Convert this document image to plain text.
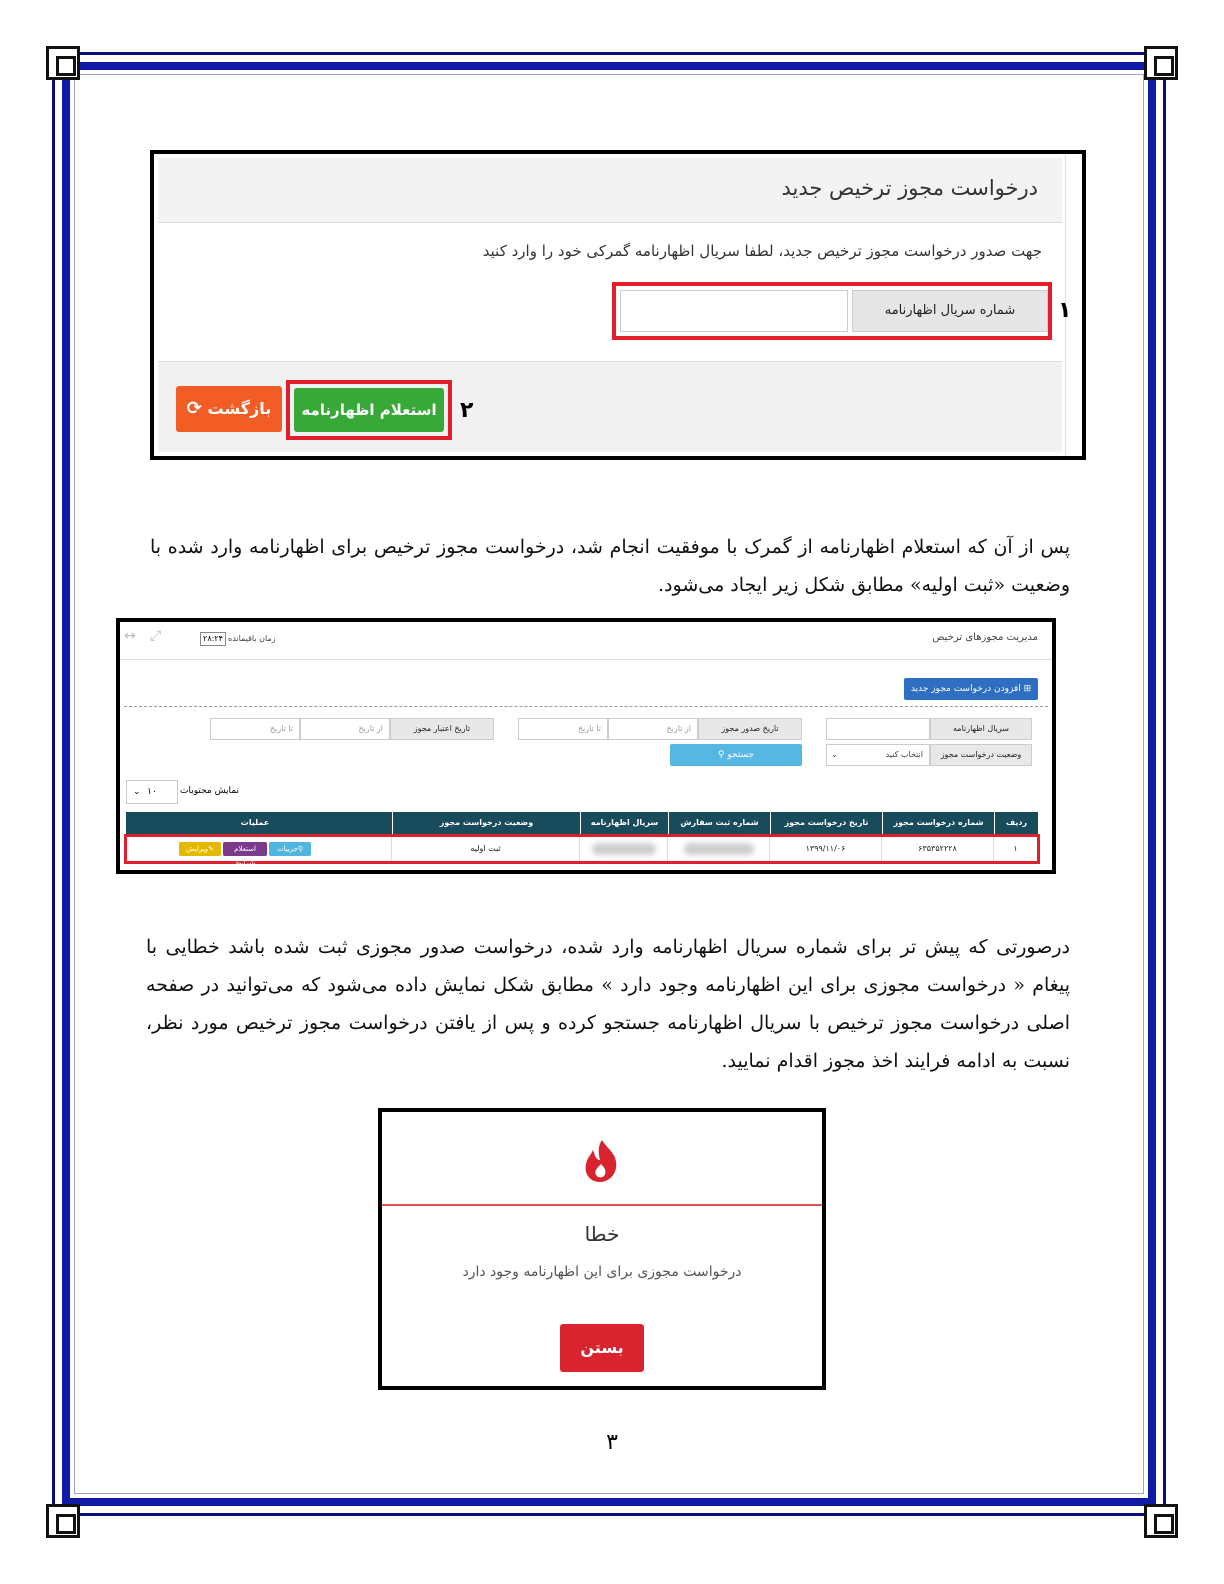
درخواست مجوز ترخیص جدید
جهت صدور درخواست مجوز ترخیص جدید، لطفا سریال اظهارنامه گمرکی خود را وارد کنید
۱
شماره سریال اظهارنامه
بازگشت ⟳	استعلام اظهارنامه	۲
پس از آن که استعلام اظهارنامه از گمرک با موفقیت انجام شد، درخواست مجوز ترخیص برای اظهارنامه وارد شده با وضعیت «ثبت اولیه» مطابق شکل زیر ایجاد می‌شود.
مدیریت مجوزهای ترخیص
زمان باقیمانده
۲۸:۲۴
⤢
↔
⊞ افزودن درخواست مجوز جدید
سریال اظهارنامه
تاریخ صدور مجوز
از تاریخ
تا تاریخ
تاریخ اعتبار مجوز
از تاریخ
تا تاریخ
وضعیت درخواست مجوز
انتخاب کنید
⌄
جستجو ⚲
نمایش محتویات
۱۰
⌄
ردیف
شماره درخواست مجوز
تاریخ درخواست مجوز
شماره ثبت سفارش
سریال اظهارنامه
وضعیت درخواست مجوز
عملیات
۱
۶۳۵۳۵۲۲۲۸
۱۳۹۹/۱۱/۰۶
ثبت اولیه
⚲جزییات
استعلام شرایط
✎ویرایش
درصورتی که پیش تر برای شماره سریال اظهارنامه وارد شده، درخواست صدور مجوزی ثبت شده باشد خطایی با پیغام « درخواست مجوزی برای این اظهارنامه وجود دارد » مطابق شکل نمایش داده می‌شود که می‌توانید در صفحه اصلی درخواست مجوز ترخیص با سریال اظهارنامه جستجو کرده و پس از یافتن درخواست مجوز ترخیص مورد نظر، نسبت به ادامه فرایند اخذ مجوز اقدام نمایید.
خطا
درخواست مجوزی برای این اظهارنامه وجود دارد
بستن
۳
